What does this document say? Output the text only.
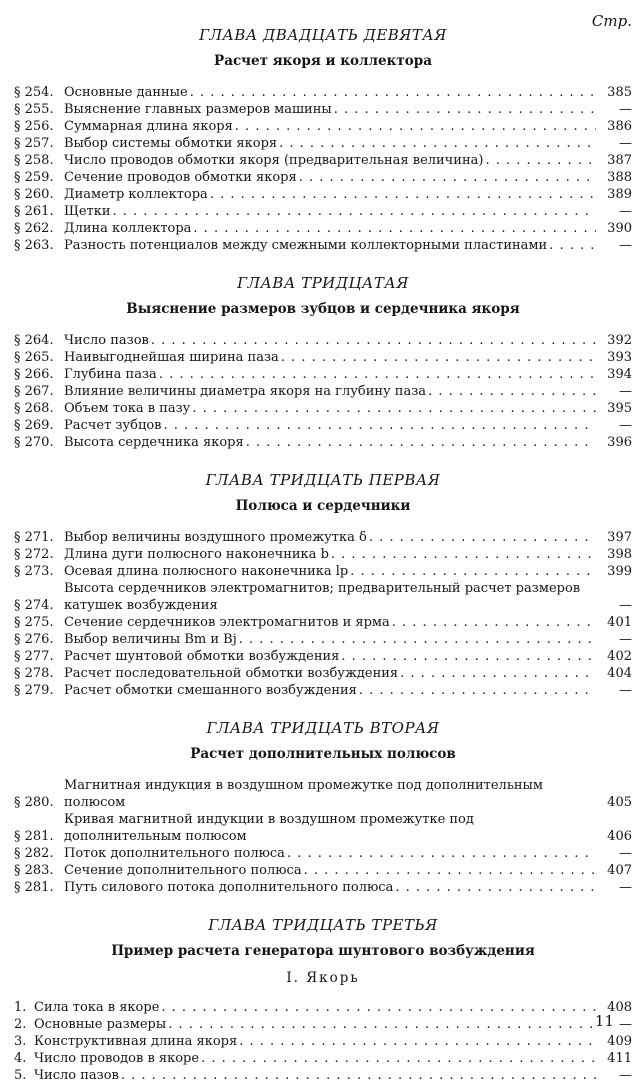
Стр.
ГЛАВА ДВАДЦАТЬ ДЕВЯТАЯ
Расчет якоря и коллектора
§ 254. Основные данные . . .	385
§ 255. Выяснение главных размеров машины . . .	—
§ 256. Суммарная длина якоря . . .	386
§ 257. Выбор системы обмотки якоря . . .	—
§ 258. Число проводов обмотки якоря (предварительная величина) . . .	387
§ 259. Сечение проводов обмотки якоря . . .	388
§ 260. Диаметр коллектора . . .	389
§ 261. Щетки . . .	—
§ 262. Длина коллектора . . .	390
§ 263. Разность потенциалов между смежными коллекторными пластинами . . .	—
ГЛАВА ТРИДЦАТАЯ
Выяснение размеров зубцов и сердечника якоря
§ 264. Число пазов . . .	392
§ 265. Наивыгоднейшая ширина паза . . .	393
§ 266. Глубина паза . . .	394
§ 267. Влияние величины диаметра якоря на глубину паза . . .	—
§ 268. Объем тока в пазу . . .	395
§ 269. Расчет зубцов . . .	—
§ 270. Высота сердечника якоря . . .	396
ГЛАВА ТРИДЦАТЬ ПЕРВАЯ
Полюса и сердечники
§ 271. Выбор величины воздушного промежутка δ . . .	397
§ 272. Длина дуги полюсного наконечника b . . .	398
§ 273. Осевая длина полюсного наконечника lp . . .	399
§ 274.
Высота сердечников электромагнитов; предварительный расчет размеров катушек возбуждения	—
§ 275. Сечение сердечников электромагнитов и ярма . . .	401
§ 276. Выбор величины Bm и Bj . . .	—
§ 277. Расчет шунтовой обмотки возбуждения . . .	402
§ 278. Расчет последовательной обмотки возбуждения . . .	404
§ 279. Расчет обмотки смешанного возбуждения . . .	—
ГЛАВА ТРИДЦАТЬ ВТОРАЯ
Расчет дополнительных полюсов
§ 280.
Магнитная индукция в воздушном промежутке под дополнительным полюсом	405
§ 281.
Кривая магнитной индукции в воздушном промежутке под дополнительным полюсом	406
§ 282. Поток дополнительного полюса . . .	—
§ 283. Сечение дополнительного полюса . . .	407
§ 281. Путь силового потока дополнительного полюса . . .	—
ГЛАВА ТРИДЦАТЬ ТРЕТЬЯ
Пример расчета генератора шунтового возбуждения
I. Якорь
1. Сила тока в якоре . . .	408
2. Основные размеры . . .	—
3. Конструктивная длина якоря . . .	409
4. Число проводов в якоре . . .	411
5. Число пазов . . .	—
11
